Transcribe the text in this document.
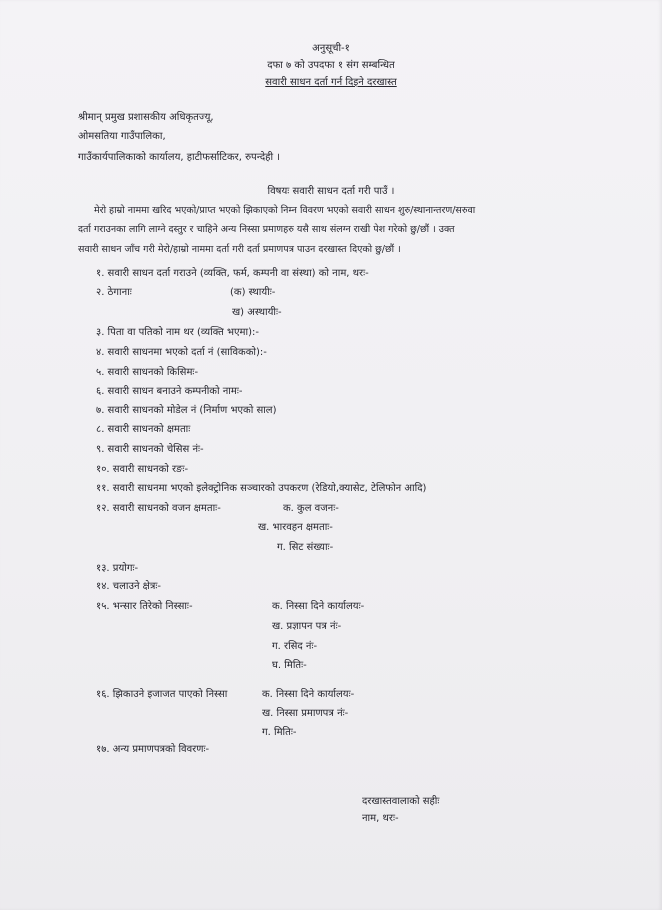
अनुसूची-१
दफा ७ को उपदफा १ संग सम्बन्धित
सवारी साधन दर्ता गर्न दिइने दरखास्त
श्रीमान् प्रमुख प्रशासकीय अधिकृतज्यू,
ओमसतिया गाउँपालिका,
गाउँकार्यपालिकाको कार्यालय, हाटीफर्साटिकर, रुपन्देही ।
विषयः सवारी साधन दर्ता गरी पाउँ ।
मेरो हाम्रो नाममा खरिद भएको/प्राप्त भएको झिकाएको निम्न विवरण भएको सवारी साधन शुरु/स्थानान्तरण/सरुवा
दर्ता गराउनका लागि लाग्ने दस्तुर र चाहिने अन्य निस्सा प्रमाणहरु यसै साथ संलग्न राखी पेश गरेको छु/छौं । उक्त
सवारी साधन जाँच गरी मेरो/हाम्रो नाममा दर्ता गरी दर्ता प्रमाणपत्र पाउन दरखास्त दिएको छु/छौं ।
१. सवारी साधन दर्ता गराउने (व्यक्ति, फर्म, कम्पनी वा संस्था) को नाम, थरः-
२. ठेगानाः	(क) स्थायीः-
ख) अस्थायीः-
३. पिता वा पतिको नाम थर (व्यक्ति भएमा):-
४. सवारी साधनमा भएको दर्ता नं (साविकको):-
५. सवारी साधनको किसिमः-
६. सवारी साधन बनाउने कम्पनीको नामः-
७. सवारी साधनको मोडेल नं (निर्माण भएको साल)
८. सवारी साधनको क्षमताः
९. सवारी साधनको चेसिस नंः-
१०. सवारी साधनको रङः-
११. सवारी साधनमा भएको इलेक्ट्रोनिक सञ्चारको उपकरण (रेडियो,क्यासेट, टेलिफोन आदि)
१२. सवारी साधनको वजन क्षमताः-	क. कुल वजनः-
ख. भारवहन क्षमताः-
ग. सिट संख्याः-
१३. प्रयोगः-
१४. चलाउने क्षेत्रः-
१५. भन्सार तिरेको निस्साः-	क. निस्सा दिने कार्यालयः-
ख. प्रज्ञापन पत्र नंः-
ग. रसिद नंः-
घ. मितिः-
१६. झिकाउने इजाजत पाएको निस्सा	क. निस्सा दिने कार्यालयः-
ख. निस्सा प्रमाणपत्र नंः-
ग. मितिः-
१७. अन्य प्रमाणपत्रको विवरणः-
दरखास्तवालाको सहीः
नाम, थरः-
